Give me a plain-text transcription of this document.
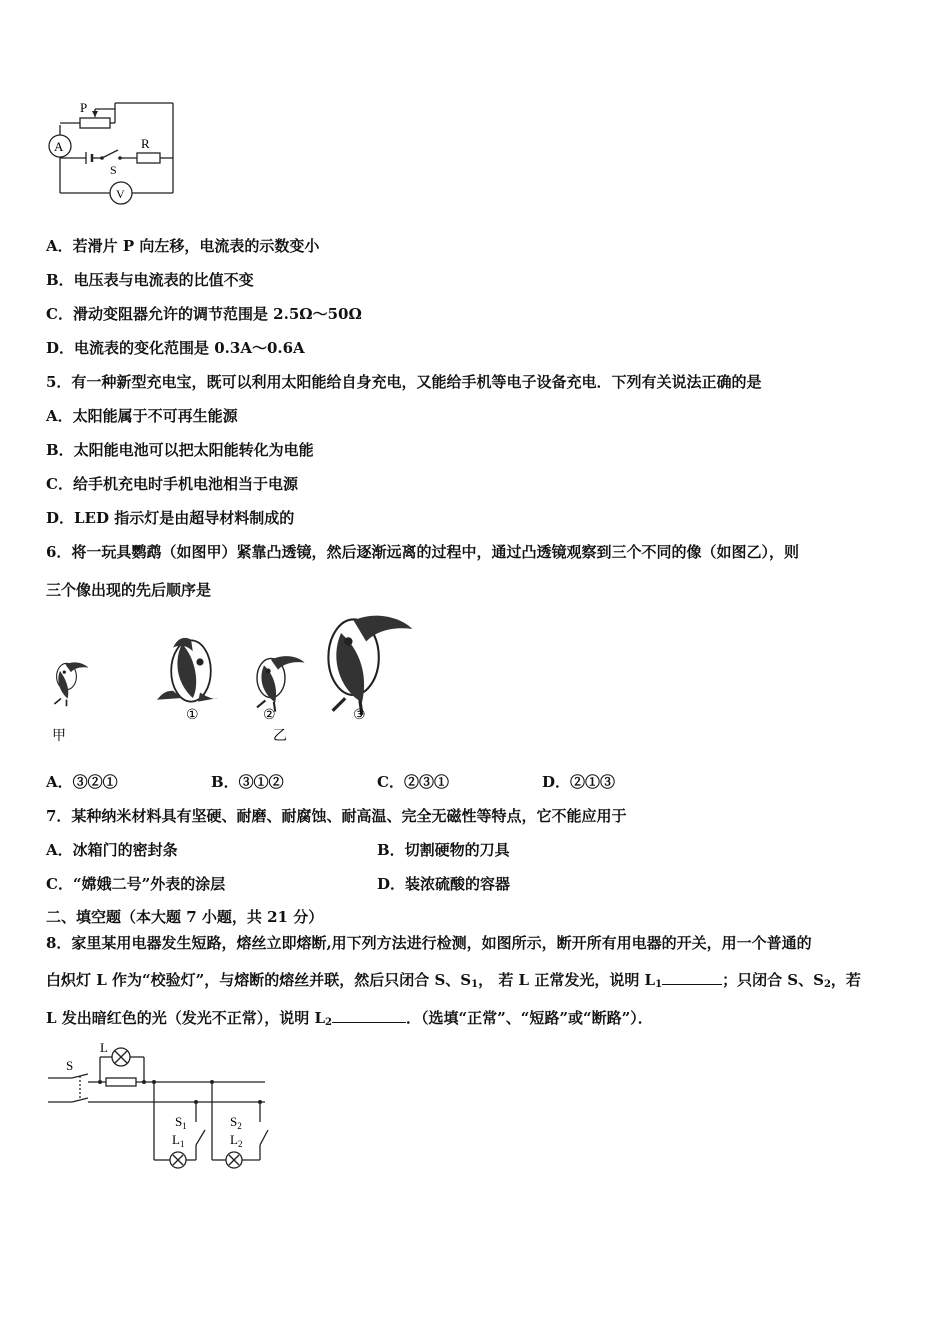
P
A
S
R
V
A．若滑片 P 向左移，电流表的示数变小
B．电压表与电流表的比值不变
C．滑动变阻器允许的调节范围是 2.5Ω～50Ω
D．电流表的变化范围是 0.3A～0.6A
5．有一种新型充电宝，既可以利用太阳能给自身充电，又能给手机等电子设备充电．下列有关说法正确的是
A．太阳能属于不可再生能源
B．太阳能电池可以把太阳能转化为电能
C．给手机充电时手机电池相当于电源
D．LED 指示灯是由超导材料制成的
6．将一玩具鹦鹉（如图甲）紧靠凸透镜，然后逐渐远离的过程中，通过凸透镜观察到三个不同的像（如图乙），则
三个像出现的先后顺序是
甲
①	②	③
乙
A．③②①	B．③①②	C．②③①	D．②①③
7．某种纳米材料具有坚硬、耐磨、耐腐蚀、耐高温、完全无磁性等特点，它不能应用于
A．冰箱门的密封条	B．切割硬物的刀具
C．“嫦娥二号”外表的涂层	D．装浓硫酸的容器
二、填空题（本大题 7 小题，共 21 分）
8．家里某用电器发生短路，熔丝立即熔断,用下列方法进行检测，如图所示，断开所有用电器的开关，用一个普通的
白炽灯 L 作为“校验灯”，与熔断的熔丝并联，然后只闭合 S、$S_1$， 若 L 正常发光，说明 $L_1$	；只闭合 S、$S_2$，若
L 发出暗红色的光（发光不正常），说明 $L_2$	．（选填“正常”、“短路”或“断路”）．
S
L
$S_1$
$L_1$
$S_2$
$L_2$
